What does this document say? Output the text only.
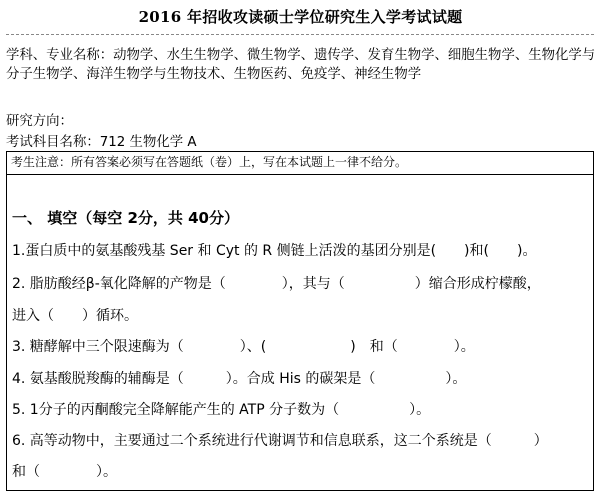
2016 年招收攻读硕士学位研究生入学考试试题
学科、专业名称：动物学、水生生物学、微生物学、遗传学、发育生物学、细胞生物学、生物化学与分子生物学、海洋生物学与生物技术、生物医药、免疫学、神经生物学
研究方向：
考试科目名称：712 生物化学 A
考生注意：所有答案必须写在答题纸（卷）上，写在本试题上一律不给分。
一、 填空（每空 2分，共 40分）
1.蛋白质中的氨基酸残基 Ser 和 Cyt 的 R 侧链上活泼的基团分别是(　　)和(　　)。
2. 脂肪酸经β-氧化降解的产物是（　　　　），其与（　　　　　）缩合形成柠檬酸，
进入（　　）循环。
3. 糖酵解中三个限速酶为（　　　　）、(　　　　　　)　和（　　　　）。
4. 氨基酸脱羧酶的辅酶是（　　　）。合成 His 的碳架是（　　　　　）。
5. 1分子的丙酮酸完全降解能产生的 ATP 分子数为（　　　　　）。
6. 高等动物中，主要通过二个系统进行代谢调节和信息联系，这二个系统是（　　　）
和（　　　　）。
